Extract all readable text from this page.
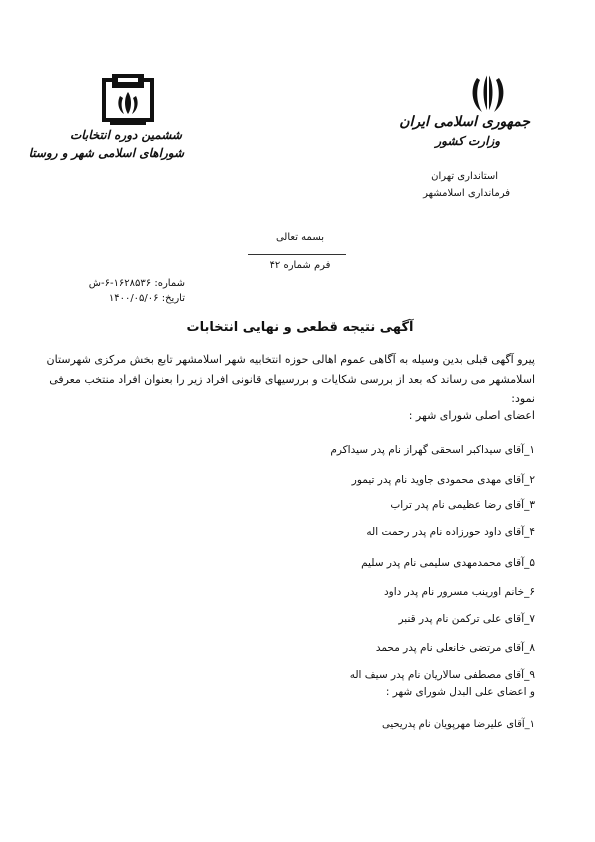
جمهوری اسلامی ایران
وزارت کشور
استانداری تهران
فرمانداری اسلامشهر
ششمین دوره انتخابات
شوراهای اسلامی شهر و روستا
بسمه تعالی
فرم شماره ۴۲
شماره: ۱۶۲۸۵۳۶-۶-ش
تاریخ: ۱۴۰۰/۰۵/۰۶
آگهی نتیجه قطعی و نهایی انتخابات
پیرو آگهی قبلی بدین وسیله به آگاهی عموم اهالی حوزه انتخابیه شهر اسلامشهر تابع بخش مرکزی شهرستان
اسلامشهر می رساند که بعد از بررسی شکایات و بررسیهای قانونی افراد زیر را بعنوان افراد منتخب معرفی
نمود:
اعضای اصلی شورای شهر :
۱_آقای سیداکبر اسحقی گهراز نام پدر سیداکرم
۲_آقای مهدی محمودی جاوید نام پدر تیمور
۳_آقای رضا عظیمی نام پدر تراب
۴_آقای داود حورزاده نام پدر رحمت اله
۵_آقای محمدمهدی سلیمی نام پدر سلیم
۶_خانم اورینب مسرور نام پدر داود
۷_آقای علی ترکمن نام پدر قنبر
۸_آقای مرتضی خانعلی نام پدر محمد
۹_آقای مصطفی سالاریان نام پدر سیف اله
و اعضای علی البدل شورای شهر :
۱_آقای علیرضا مهرپویان نام پدریحیی
